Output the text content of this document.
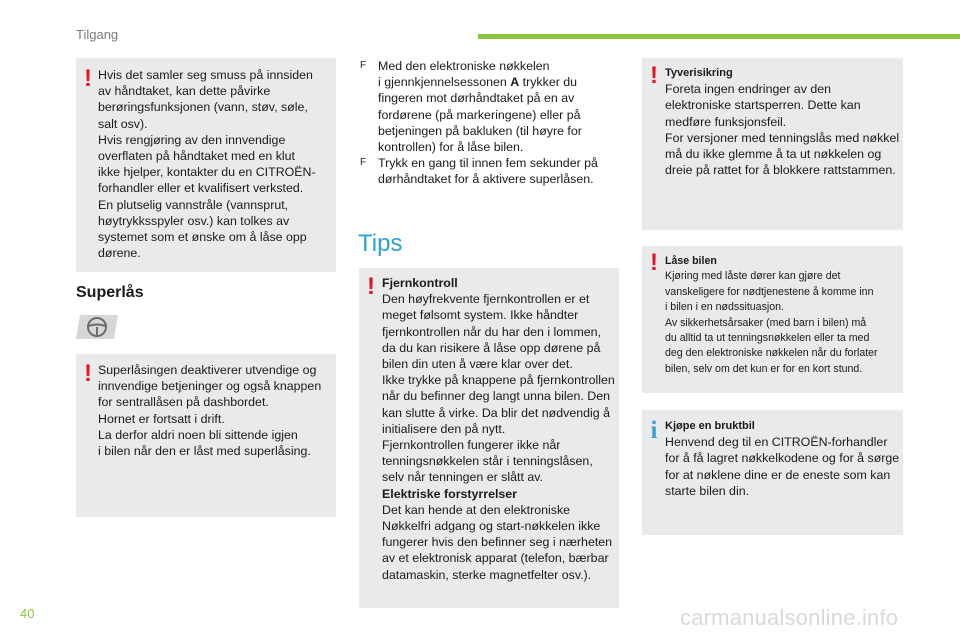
Tilgang
! Hvis det samler seg smuss på innsiden
av håndtaket, kan dette påvirke
berøringsfunksjonen (vann, støv, søle,
salt osv).
Hvis rengjøring av den innvendige
overflaten på håndtaket med en klut
ikke hjelper, kontakter du en CITROËN-
forhandler eller et kvalifisert verksted.
En plutselig vannstråle (vannsprut,
høytrykksspyler osv.) kan tolkes av
systemet som et ønske om å låse opp
dørene.

Superlås
! Superlåsingen deaktiverer utvendige og
innvendige betjeninger og også knappen
for sentrallåsen på dashbordet.
Hornet er fortsatt i drift.
La derfor aldri noen bli sittende igjen
i bilen når den er låst med superlåsing.

F Med den elektroniske nøkkelen
i gjennkjennelsessonen A trykker du
fingeren mot dørhåndtaket på en av
fordørene (på markeringene) eller på
betjeningen på bakluken (til høyre for
kontrollen) for å låse bilen.

F Trykk en gang til innen fem sekunder på
dørhåndtaket for å aktivere superlåsen.

Tips
! Fjernkontroll

Den høyfrekvente fjernkontrollen er et
meget følsomt system. Ikke håndter
fjernkontrollen når du har den i lommen,
da du kan risikere å låse opp dørene på
bilen din uten å være klar over det.
Ikke trykke på knappene på fjernkontrollen
når du befinner deg langt unna bilen. Den
kan slutte å virke. Da blir det nødvendig å
initialisere den på nytt.
Fjernkontrollen fungerer ikke når
tenningsnøkkelen står i tenningslåsen,
selv når tenningen er slått av.

Elektriske forstyrrelser

Det kan hende at den elektroniske
Nøkkelfri adgang og start-nøkkelen ikke
fungerer hvis den befinner seg i nærheten
av et elektronisk apparat (telefon, bærbar
datamaskin, sterke magnetfelter osv.).

! Tyverisikring

Foreta ingen endringer av den
elektroniske startsperren. Dette kan
medføre funksjonsfeil.
For versjoner med tenningslås med nøkkel
må du ikke glemme å ta ut nøkkelen og
dreie på rattet for å blokkere rattstammen.

! Låse bilen

Kjøring med låste dører kan gjøre det
vanskeligere for nødtjenestene å komme inn
i bilen i en nødssituasjon.
Av sikkerhetsårsaker (med barn i bilen) må
du alltid ta ut tenningsnøkkelen eller ta med
deg den elektroniske nøkkelen når du forlater
bilen, selv om det kun er for en kort stund.

i Kjøpe en bruktbil

Henvend deg til en CITROËN-forhandler
for å få lagret nøkkelkodene og for å sørge
for at nøklene dine er de eneste som kan
starte bilen din.

40	carmanualsonline.info
